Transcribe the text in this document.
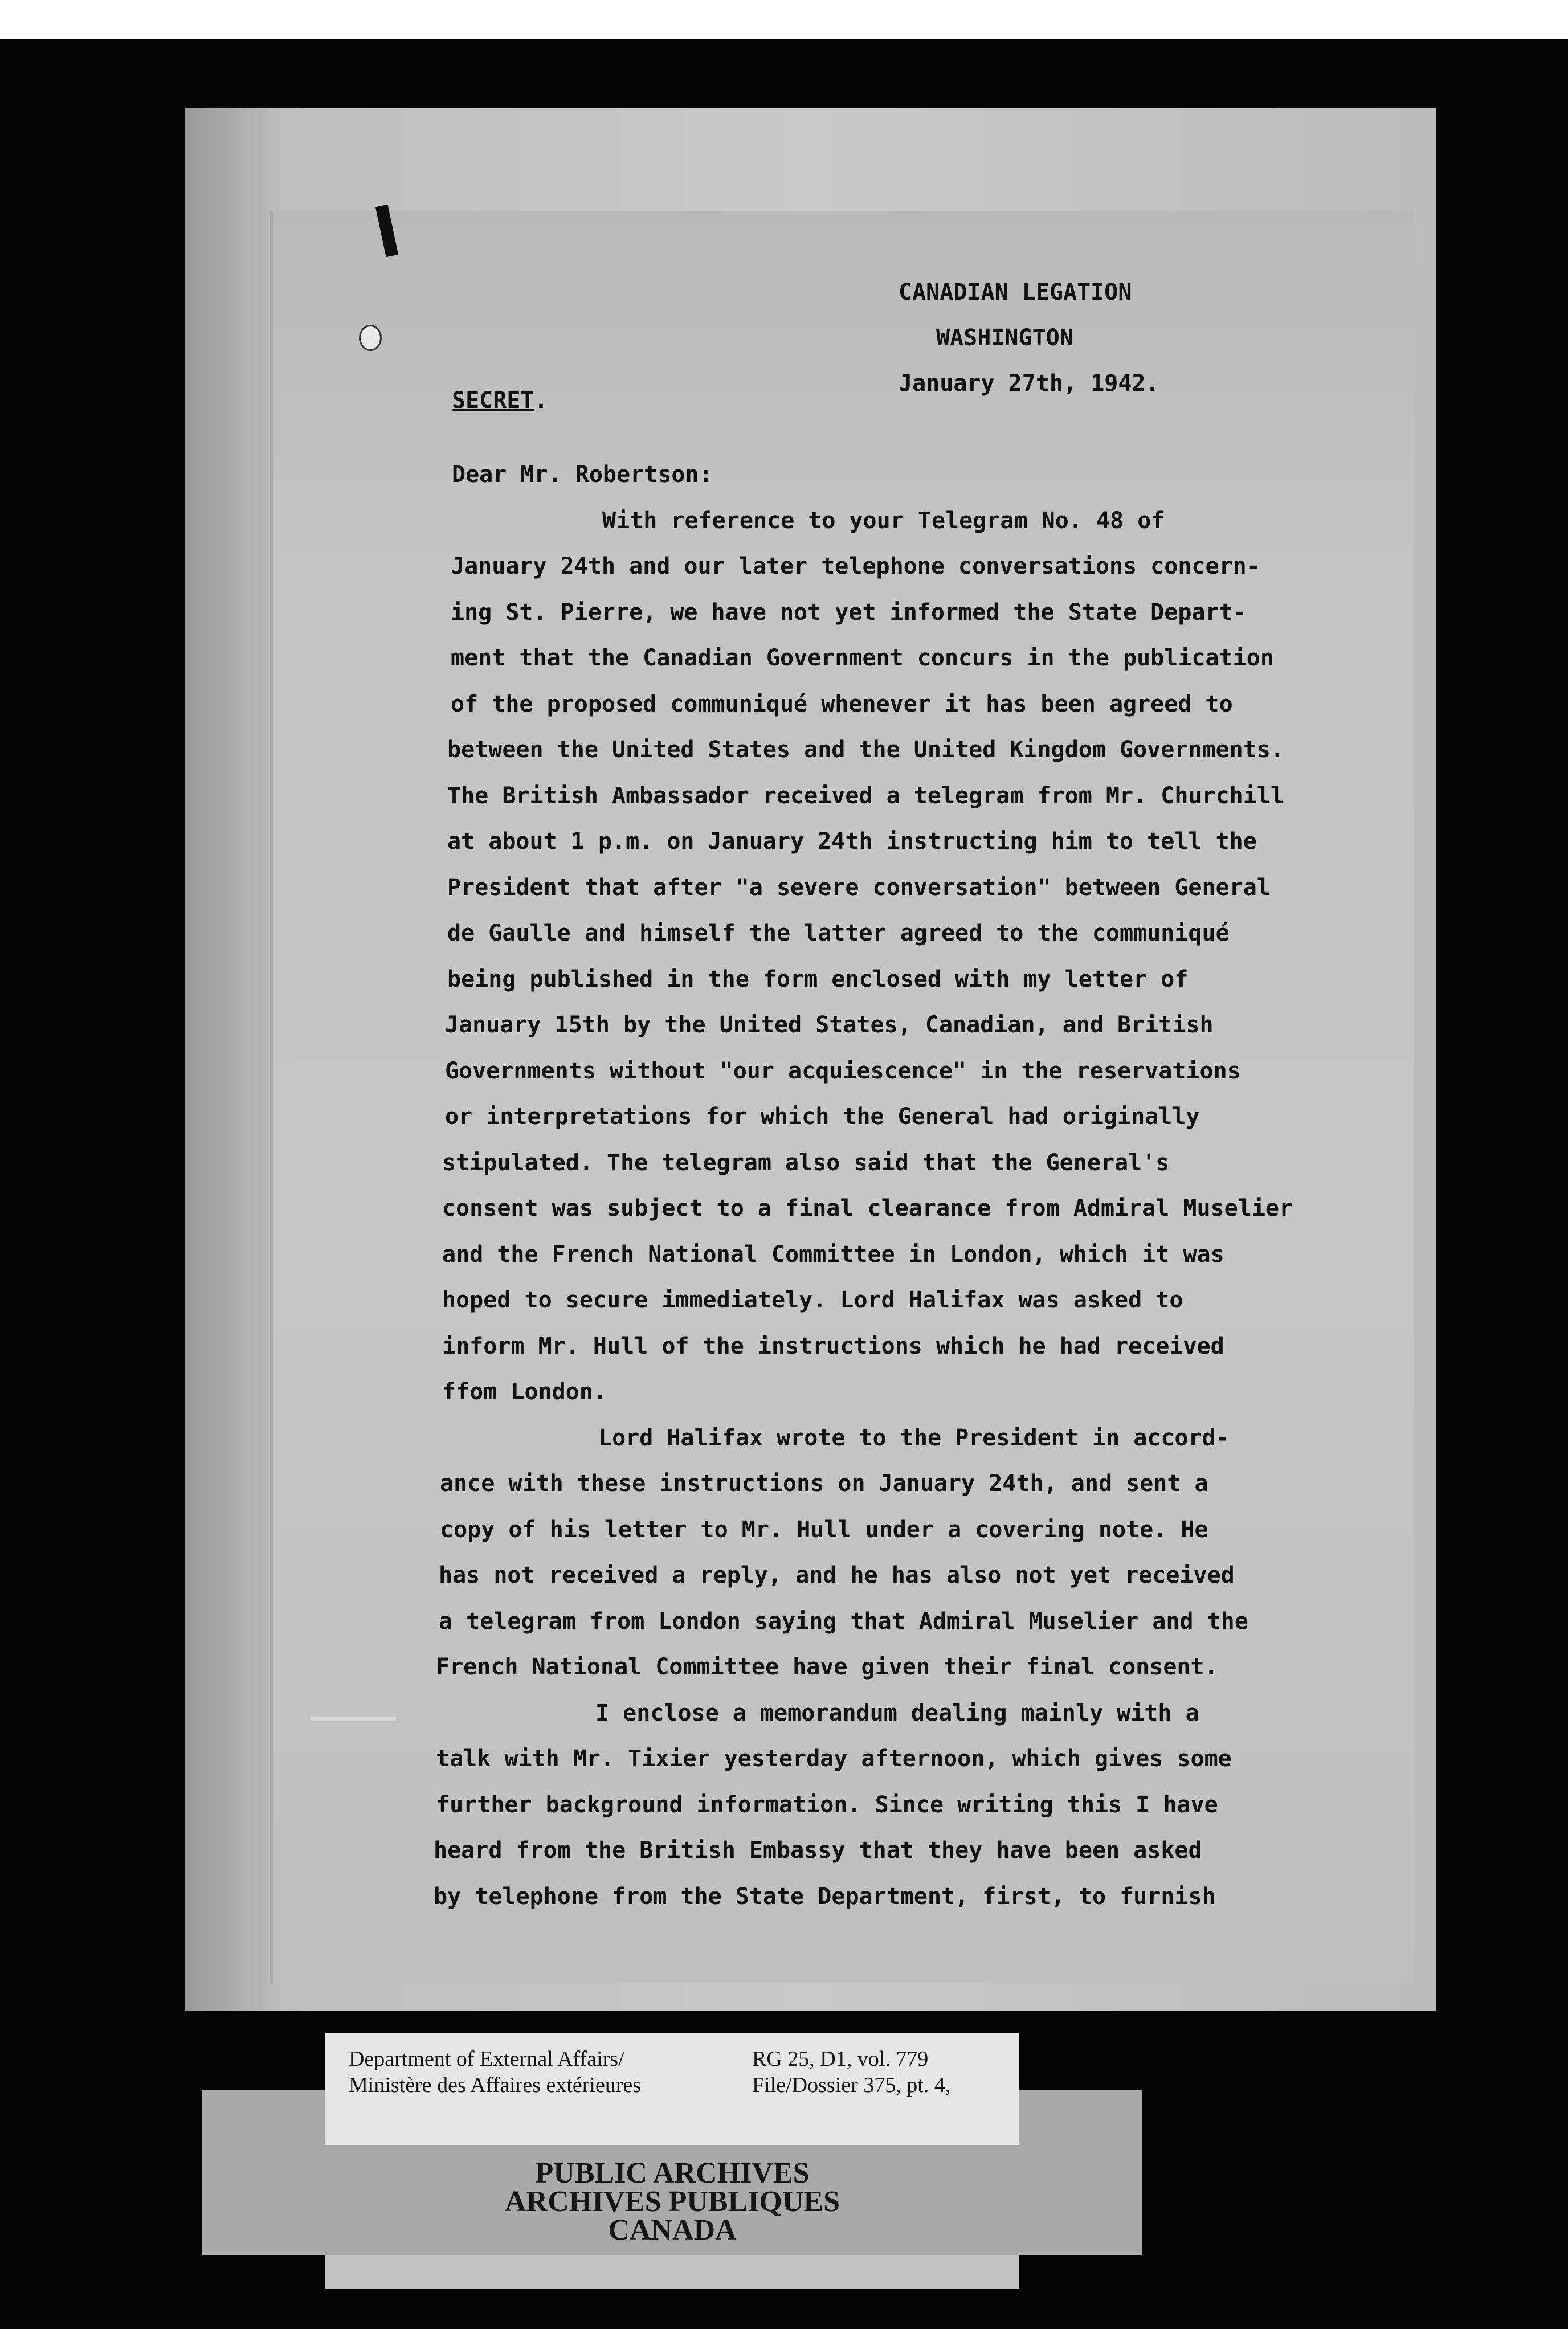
CANADIAN LEGATION
WASHINGTON
January 27th, 1942.
SECRET.
Dear Mr. Robertson:
With reference to your Telegram No. 48 of
January 24th and our later telephone conversations concern-
ing St. Pierre, we have not yet informed the State Depart-
ment that the Canadian Government concurs in the publication
of the proposed communiqué whenever it has been agreed to
between the United States and the United Kingdom Governments.
The British Ambassador received a telegram from Mr. Churchill
at about 1 p.m. on January 24th instructing him to tell the
President that after "a severe conversation" between General
de Gaulle and himself the latter agreed to the communiqué
being published in the form enclosed with my letter of
January 15th by the United States, Canadian, and British
Governments without "our acquiescence" in the reservations
or interpretations for which the General had originally
stipulated. The telegram also said that the General's
consent was subject to a final clearance from Admiral Muselier
and the French National Committee in London, which it was
hoped to secure immediately. Lord Halifax was asked to
inform Mr. Hull of the instructions which he had received
ffom London.
Lord Halifax wrote to the President in accord-
ance with these instructions on January 24th, and sent a
copy of his letter to Mr. Hull under a covering note. He
has not received a reply, and he has also not yet received
a telegram from London saying that Admiral Muselier and the
French National Committee have given their final consent.
I enclose a memorandum dealing mainly with a
talk with Mr. Tixier yesterday afternoon, which gives some
further background information. Since writing this I have
heard from the British Embassy that they have been asked
by telephone from the State Department, first, to furnish
Department of External Affairs/
Ministère des Affaires extérieures
RG 25, D1, vol. 779
File/Dossier 375, pt. 4,
PUBLIC ARCHIVES
ARCHIVES PUBLIQUES
CANADA
